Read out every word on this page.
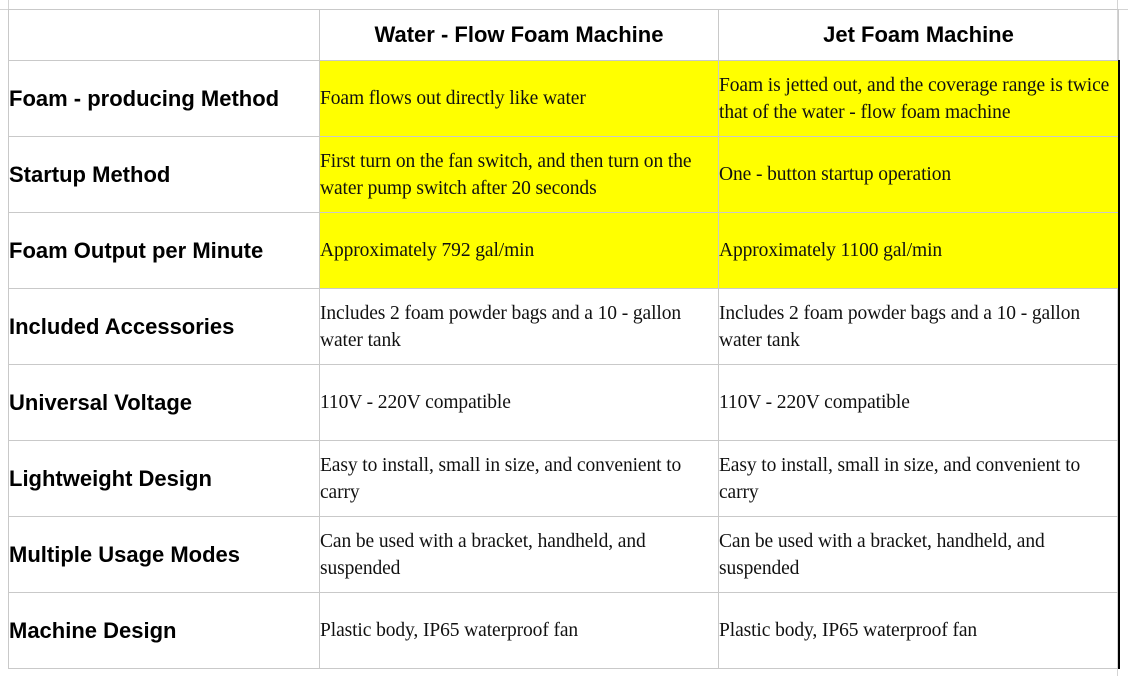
	Water - Flow Foam Machine	Jet Foam Machine
Foam - producing Method	Foam flows out directly like water	Foam is jetted out, and the coverage range is twice that of the water - flow foam machine
Startup Method	First turn on the fan switch, and then turn on the water pump switch after 20 seconds	One - button startup operation
Foam Output per Minute	Approximately 792 gal/min	Approximately 1100 gal/min
Included Accessories	Includes 2 foam powder bags and a 10 - gallon water tank	Includes 2 foam powder bags and a 10 - gallon water tank
Universal Voltage	110V - 220V compatible	110V - 220V compatible
Lightweight Design	Easy to install, small in size, and convenient to carry	Easy to install, small in size, and convenient to carry
Multiple Usage Modes	Can be used with a bracket, handheld, and suspended	Can be used with a bracket, handheld, and suspended
Machine Design	Plastic body, IP65 waterproof fan	Plastic body, IP65 waterproof fan
